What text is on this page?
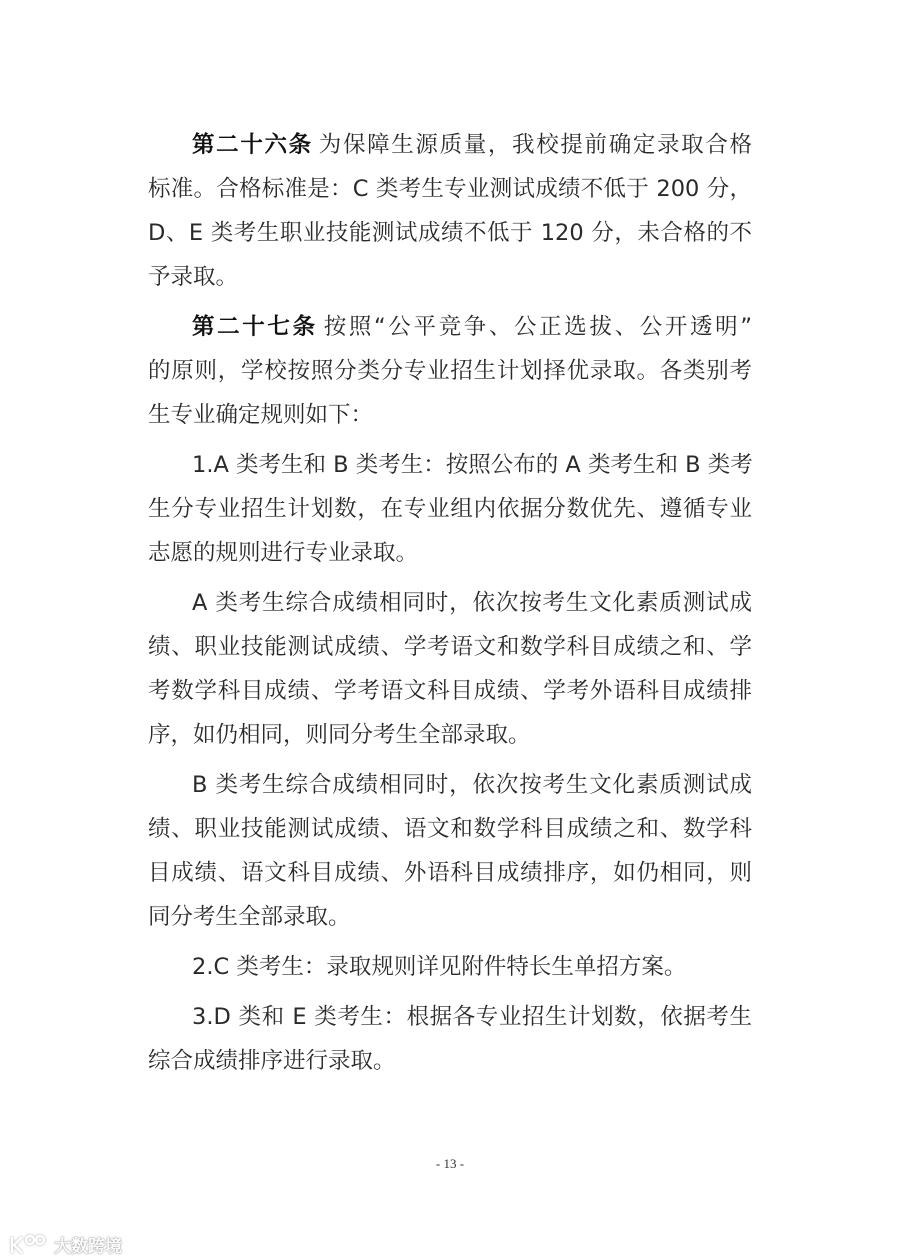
第二十六条 为保障生源质量，我校提前确定录取合格
标准。合格标准是：C 类考生专业测试成绩不低于 200 分，
D、E 类考生职业技能测试成绩不低于 120 分，未合格的不
予录取。
第二十七条 按照“公平竞争、公正选拔、公开透明”
的原则，学校按照分类分专业招生计划择优录取。各类别考
生专业确定规则如下：
1.A 类考生和 B 类考生：按照公布的 A 类考生和 B 类考
生分专业招生计划数，在专业组内依据分数优先、遵循专业
志愿的规则进行专业录取。
A 类考生综合成绩相同时，依次按考生文化素质测试成
绩、职业技能测试成绩、学考语文和数学科目成绩之和、学
考数学科目成绩、学考语文科目成绩、学考外语科目成绩排
序，如仍相同，则同分考生全部录取。
B 类考生综合成绩相同时，依次按考生文化素质测试成
绩、职业技能测试成绩、语文和数学科目成绩之和、数学科
目成绩、语文科目成绩、外语科目成绩排序，如仍相同，则
同分考生全部录取。
2.C 类考生：录取规则详见附件特长生单招方案。
3.D 类和 E 类考生：根据各专业招生计划数，依据考生
综合成绩排序进行录取。
- 13 -
大数跨境
